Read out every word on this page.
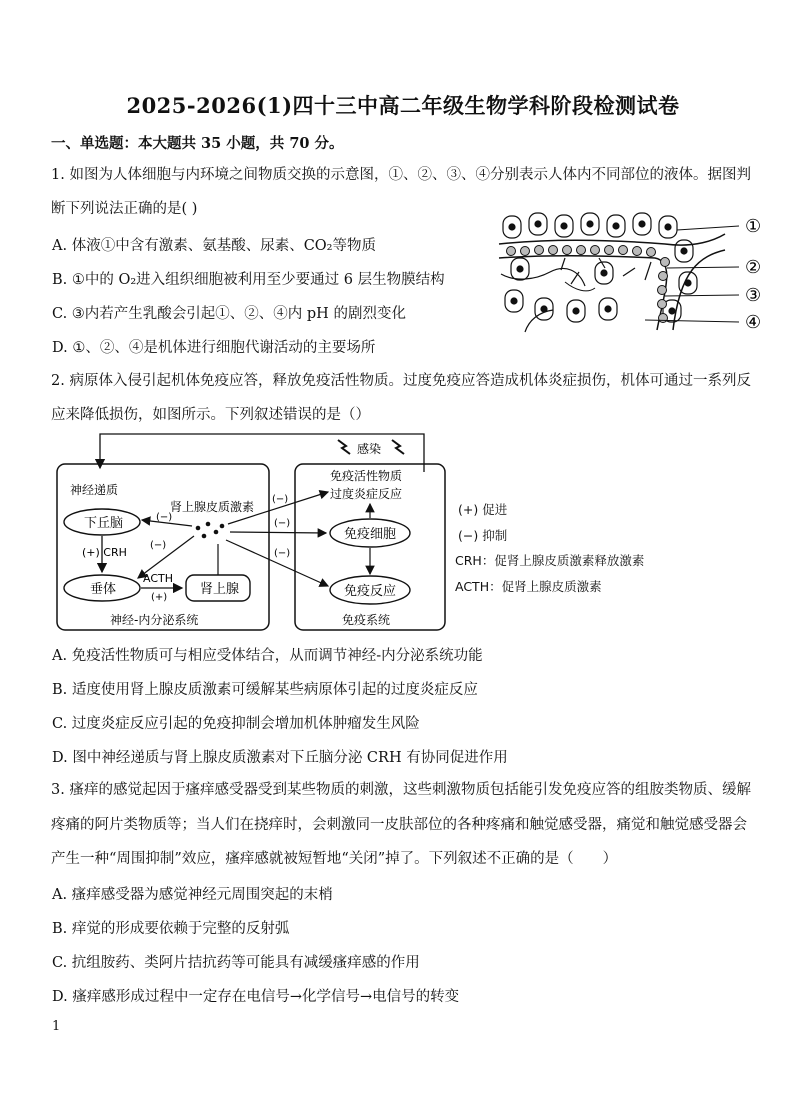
2025-2026(1)四十三中高二年级生物学科阶段检测试卷
一、单选题：本大题共 35 小题，共 70 分。
1. 如图为人体细胞与内环境之间物质交换的示意图，①、②、③、④分别表示人体内不同部位的液体。据图判
断下列说法正确的是( )
A. 体液①中含有激素、氨基酸、尿素、CO₂等物质
B. ①中的 O₂进入组织细胞被利用至少要通过 6 层生物膜结构
C. ③内若产生乳酸会引起①、②、④内 pH 的剧烈变化
D. ①、②、④是机体进行细胞代谢活动的主要场所
①
②
③
④
2. 病原体入侵引起机体免疫应答，释放免疫活性物质。过度免疫应答造成机体炎症损伤，机体可通过一系列反
应来降低损伤，如图所示。下列叙述错误的是（）
感染
神经递质
下丘脑
(+) CRH
垂体
ACTH
(+)
肾上腺
肾上腺皮质激素
(−)
(−)
(−)
(−)
(−)
免疫活性物质
过度炎症反应
免疫细胞
免疫反应
神经-内分泌系统	免疫系统
(+) 促进
(−) 抑制
CRH：促肾上腺皮质激素释放激素
ACTH：促肾上腺皮质激素
A. 免疫活性物质可与相应受体结合，从而调节神经-内分泌系统功能
B. 适度使用肾上腺皮质激素可缓解某些病原体引起的过度炎症反应
C. 过度炎症反应引起的免疫抑制会增加机体肿瘤发生风险
D. 图中神经递质与肾上腺皮质激素对下丘脑分泌 CRH 有协同促进作用
3. 瘙痒的感觉起因于瘙痒感受器受到某些物质的刺激，这些刺激物质包括能引发免疫应答的组胺类物质、缓解
疼痛的阿片类物质等；当人们在挠痒时，会刺激同一皮肤部位的各种疼痛和触觉感受器，痛觉和触觉感受器会
产生一种“周围抑制”效应，瘙痒感就被短暂地“关闭”掉了。下列叙述不正确的是（　　）
A. 瘙痒感受器为感觉神经元周围突起的末梢
B. 痒觉的形成要依赖于完整的反射弧
C. 抗组胺药、类阿片拮抗药等可能具有减缓瘙痒感的作用
D. 瘙痒感形成过程中一定存在电信号→化学信号→电信号的转变
1
